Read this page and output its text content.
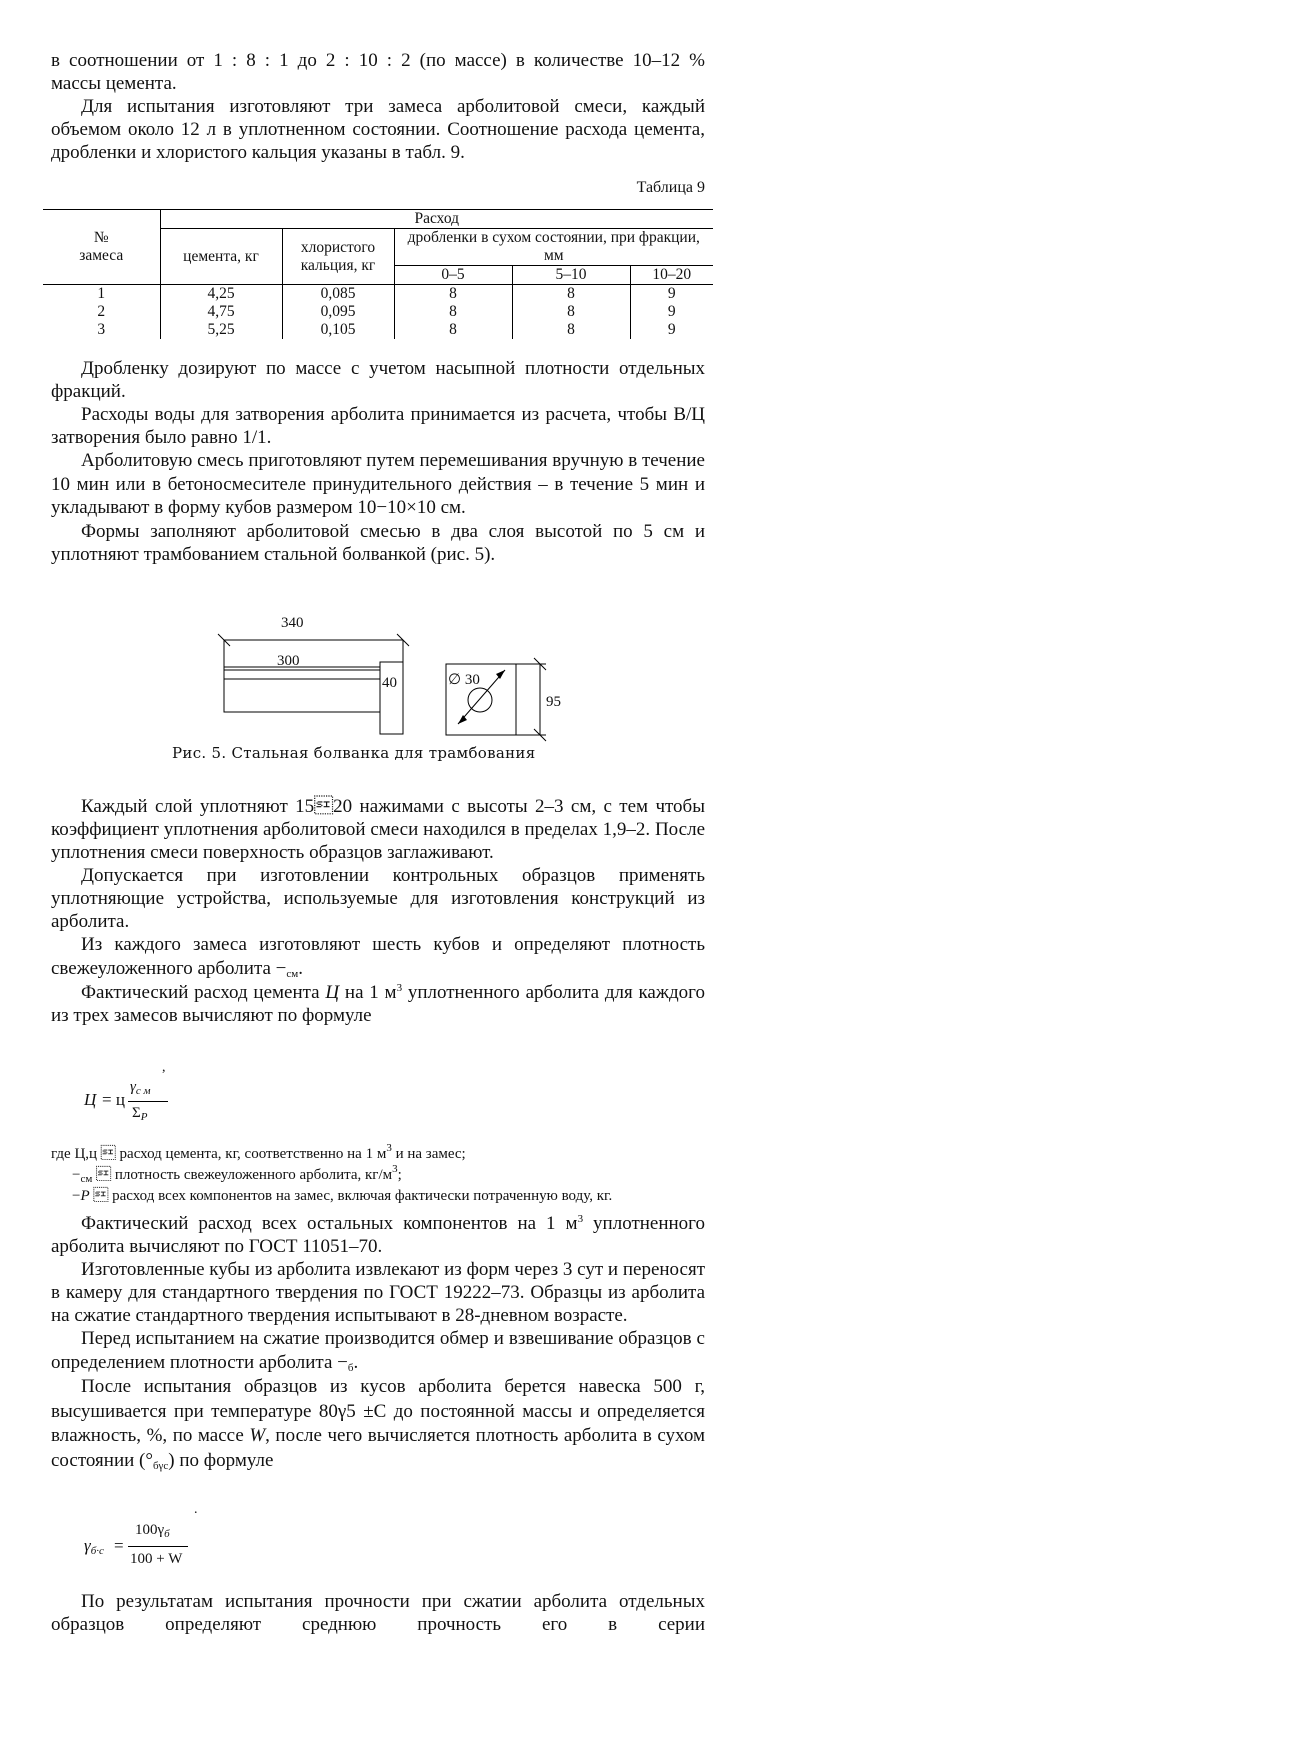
в соотношении от 1 : 8 : 1 до 2 : 10 : 2 (по массе) в количестве 10–12 %

массы цемента.

Для испытания изготовляют три замеса арболитовой смеси, каждый объемом около 12 л в уплотненном состоянии. Соотношение расхода цемента, дробленки и хлористого кальция указаны в табл. 9.

Таблица 9
№ замеса	Расход				
	цемента, кг	хлористого кальция, кг	дробленки в сухом состоянии, при фракции, мм		
			0–5	5–10	10–20
1	4,25	0,085	8	8	9
2	4,75	0,095	8	8	9
3	5,25	0,105	8	8	9

Дробленку дозируют по массе с учетом насыпной плотности отдельных фракций.

Расходы воды для затворения арболита принимается из расчета, чтобы В/Ц затворения было равно 1/1.

Арболитовую смесь приготовляют путем перемешивания вручную в течение 10 мин или в бетоносмесителе принудительного действия – в течение 5 мин и укладывают в форму кубов размером 10−10×10 см.

Формы заполняют арболитовой смесью в два слоя высотой по 5 см и уплотняют трамбованием стальной болванкой (рис. 5).

340
300
40	∅ 30
95
Рис. 5. Стальная болванка для трамбования

Каждый слой уплотняют 1520 нажимами с высоты 2–3 см, с тем чтобы коэффициент уплотнения арболитовой смеси находился в пределах 1,9–2. После уплотнения смеси поверхность образцов заглаживают.

Допускается при изготовлении контрольных образцов применять уплотняющие устройства, используемые для изготовления конструкций из арболита.

Из каждого замеса изготовляют шесть кубов и определяют плотность свежеуложенного арболита $-_{см}$.

Фактический расход цемента Ц на 1 $м^3$ уплотненного арболита для каждого из трех замесов вычисляют по формуле

Ц = ц
$\gamma_{с м}$
$\Sigma_P$
,
где Ц,ц  расход цемента, кг, соответственно на 1 $м^3$ и на замес;
$-_{см}$  плотность свежеуложенного арболита, $кг/м^3$;
−Р  расход всех компонентов на замес, включая фактически потраченную воду, кг.

Фактический расход всех остальных компонентов на 1 $м^3$ уплотненного арболита вычисляют по ГОСТ 11051–70.

Изготовленные кубы из арболита извлекают из форм через 3 сут и переносят в камеру для стандартного твердения по ГОСТ 19222–73. Образцы из арболита на сжатие стандартного твердения испытывают в 28-дневном возрасте.

Перед испытанием на сжатие производится обмер и взвешивание образцов с определением плотности арболита $-_б$.

После испытания образцов из кусов арболита берется навеска 500 г, высушивается при температуре 80γ5 ±С до постоянной массы и определяется влажность, %, по массе W, после чего вычисляется плотность арболита в сухом состоянии $(^\circ_{б\gamma с})$ по формуле

$\gamma_{б\cdot с}$ =
$100\gamma_б$
100 + W
.

По результатам испытания прочности при сжатии арболита отдельных образцов определяют среднюю прочность его в серии
